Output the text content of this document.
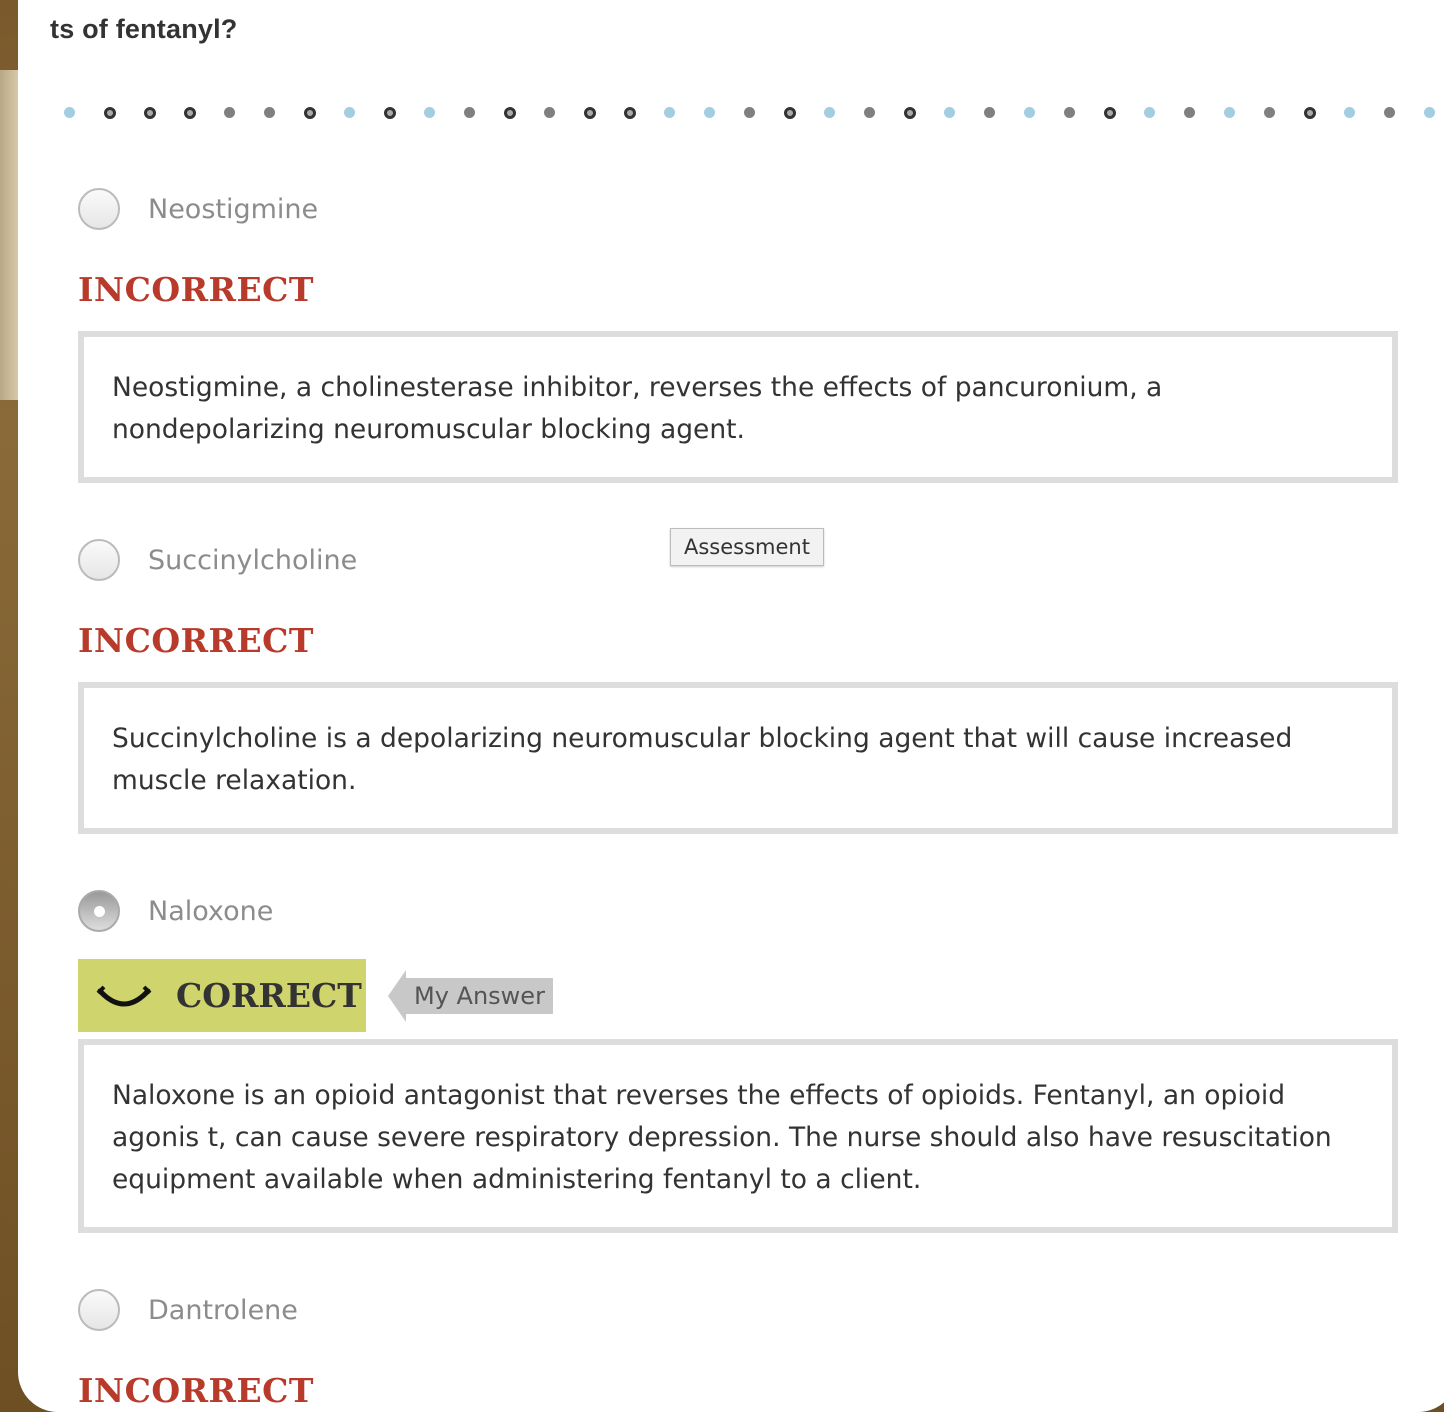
ts of fentanyl?
Neostigmine
INCORRECT
Neostigmine, a cholinesterase inhibitor, reverses the effects of pancuronium, a nondepolarizing neuromuscular blocking agent.
Succinylcholine	Assessment
INCORRECT
Succinylcholine is a depolarizing neuromuscular blocking agent that will cause increased muscle relaxation.
Naloxone
CORRECT	My Answer
Naloxone is an opioid antagonist that reverses the effects of opioids. Fentanyl, an opioid agonis t, can cause severe respiratory depression. The nurse should also have resuscitation equipment available when administering fentanyl to a client.
Dantrolene
INCORRECT
